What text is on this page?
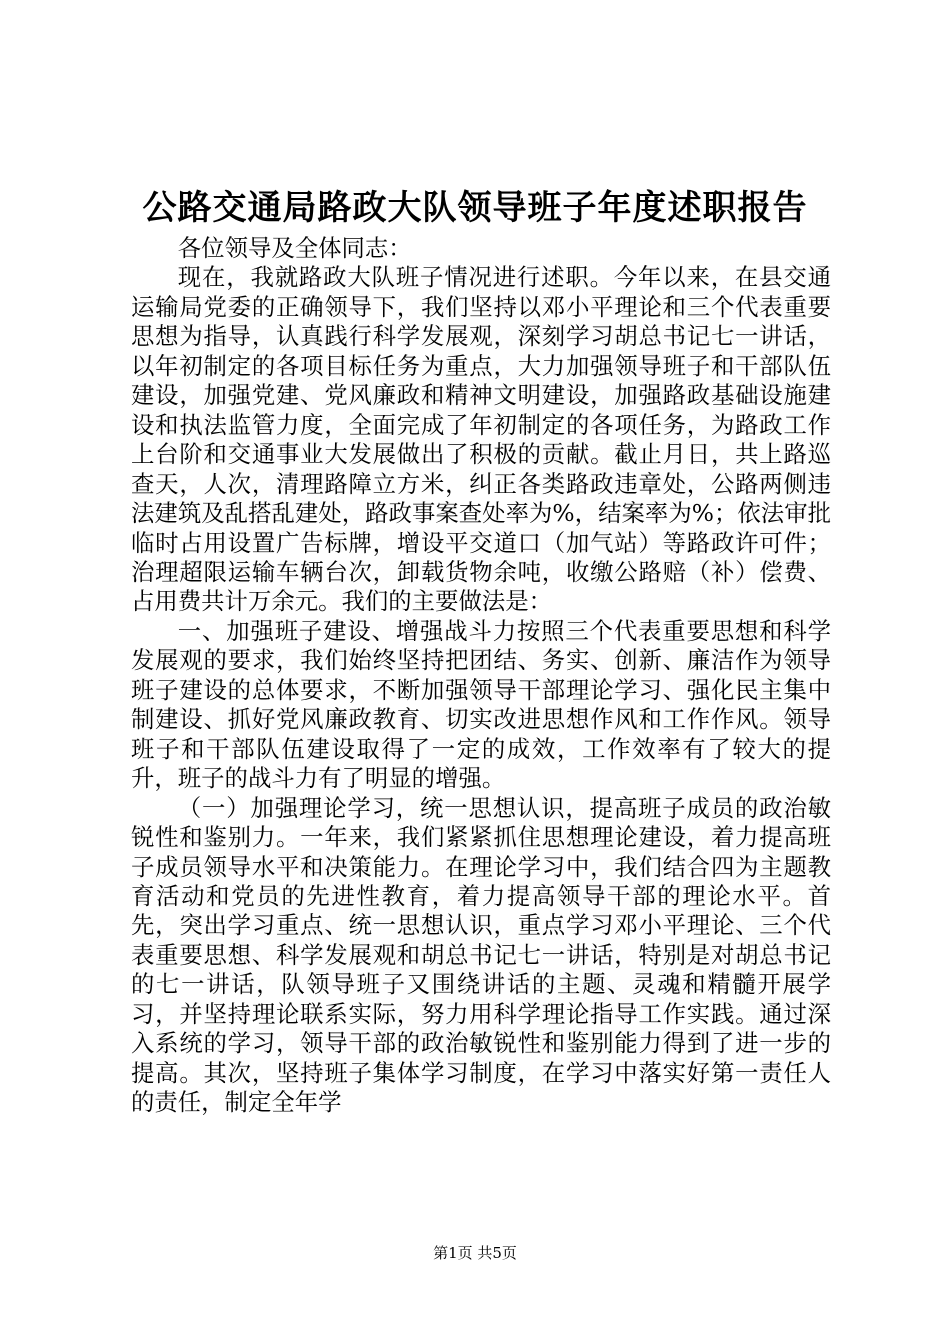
公路交通局路政大队领导班子年度述职报告

各位领导及全体同志：

现在，我就路政大队班子情况进行述职。今年以来，在县交通运输局党委的正确领导下，我们坚持以邓小平理论和三个代表重要思想为指导，认真践行科学发展观，深刻学习胡总书记七一讲话，以年初制定的各项目标任务为重点，大力加强领导班子和干部队伍建设，加强党建、党风廉政和精神文明建设，加强路政基础设施建设和执法监管力度，全面完成了年初制定的各项任务，为路政工作上台阶和交通事业大发展做出了积极的贡献。截止月日，共上路巡查天，人次，清理路障立方米，纠正各类路政违章处，公路两侧违法建筑及乱搭乱建处，路政事案查处率为%，结案率为%；依法审批临时占用设置广告标牌，增设平交道口（加气站）等路政许可件；治理超限运输车辆台次，卸载货物余吨，收缴公路赔（补）偿费、占用费共计万余元。我们的主要做法是：

一、加强班子建设、增强战斗力按照三个代表重要思想和科学发展观的要求，我们始终坚持把团结、务实、创新、廉洁作为领导班子建设的总体要求，不断加强领导干部理论学习、强化民主集中制建设、抓好党风廉政教育、切实改进思想作风和工作作风。领导班子和干部队伍建设取得了一定的成效，工作效率有了较大的提升，班子的战斗力有了明显的增强。

（一）加强理论学习，统一思想认识，提高班子成员的政治敏锐性和鉴别力。一年来，我们紧紧抓住思想理论建设，着力提高班子成员领导水平和决策能力。在理论学习中，我们结合四为主题教育活动和党员的先进性教育，着力提高领导干部的理论水平。首先，突出学习重点、统一思想认识，重点学习邓小平理论、三个代表重要思想、科学发展观和胡总书记七一讲话，特别是对胡总书记的七一讲话，队领导班子又围绕讲话的主题、灵魂和精髓开展学习，并坚持理论联系实际，努力用科学理论指导工作实践。通过深入系统的学习，领导干部的政治敏锐性和鉴别能力得到了进一步的提高。其次，坚持班子集体学习制度，在学习中落实好第一责任人的责任，制定全年学

第1页 共5页
